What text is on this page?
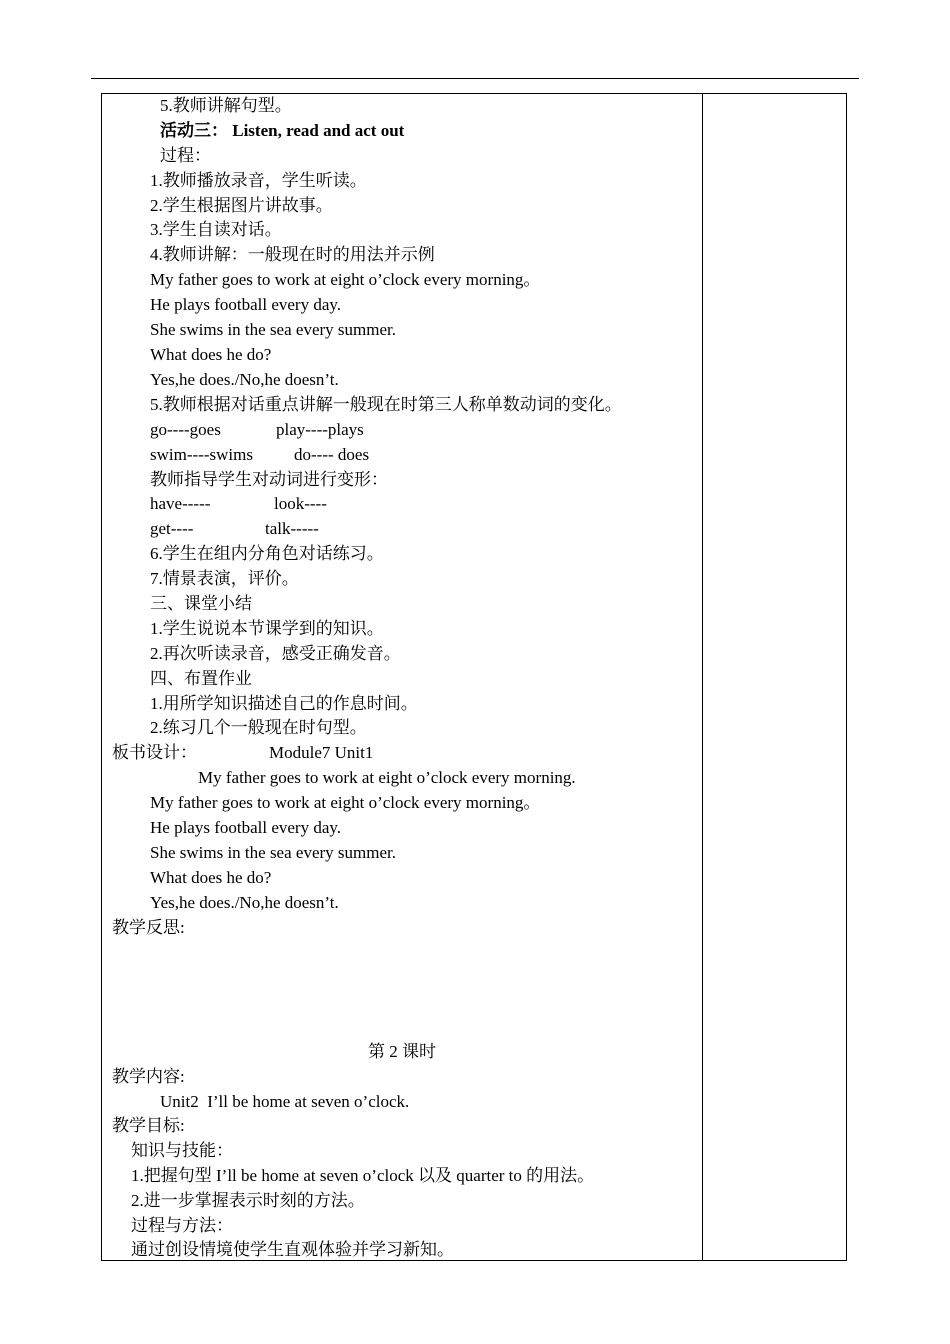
5.教师讲解句型。
活动三： Listen, read and act out
过程：
1.教师播放录音，学生听读。
2.学生根据图片讲故事。
3.学生自读对话。
4.教师讲解：一般现在时的用法并示例
My father goes to work at eight o’clock every morning。
He plays football every day.
She swims in the sea every summer.
What does he do?
Yes,he does./No,he doesn’t.
5.教师根据对话重点讲解一般现在时第三人称单数动词的变化。
go----goes	play----plays
swim----swims do---- does
教师指导学生对动词进行变形：
have-----	look----
get----	talk-----
6.学生在组内分角色对话练习。
7.情景表演，评价。
三、课堂小结
1.学生说说本节课学到的知识。
2.再次听读录音，感受正确发音。
四、布置作业
1.用所学知识描述自己的作息时间。
2.练习几个一般现在时句型。
板书设计：	Module7 Unit1
My father goes to work at eight o’clock every morning.
My father goes to work at eight o’clock every morning。
He plays football every day.
She swims in the sea every summer.
What does he do?
Yes,he does./No,he doesn’t.
教学反思:
第 2 课时
教学内容:
Unit2  I’ll be home at seven o’clock.
教学目标:
知识与技能：
1.把握句型 I’ll be home at seven o’clock 以及 quarter to 的用法。
2.进一步掌握表示时刻的方法。
过程与方法：
通过创设情境使学生直观体验并学习新知。
